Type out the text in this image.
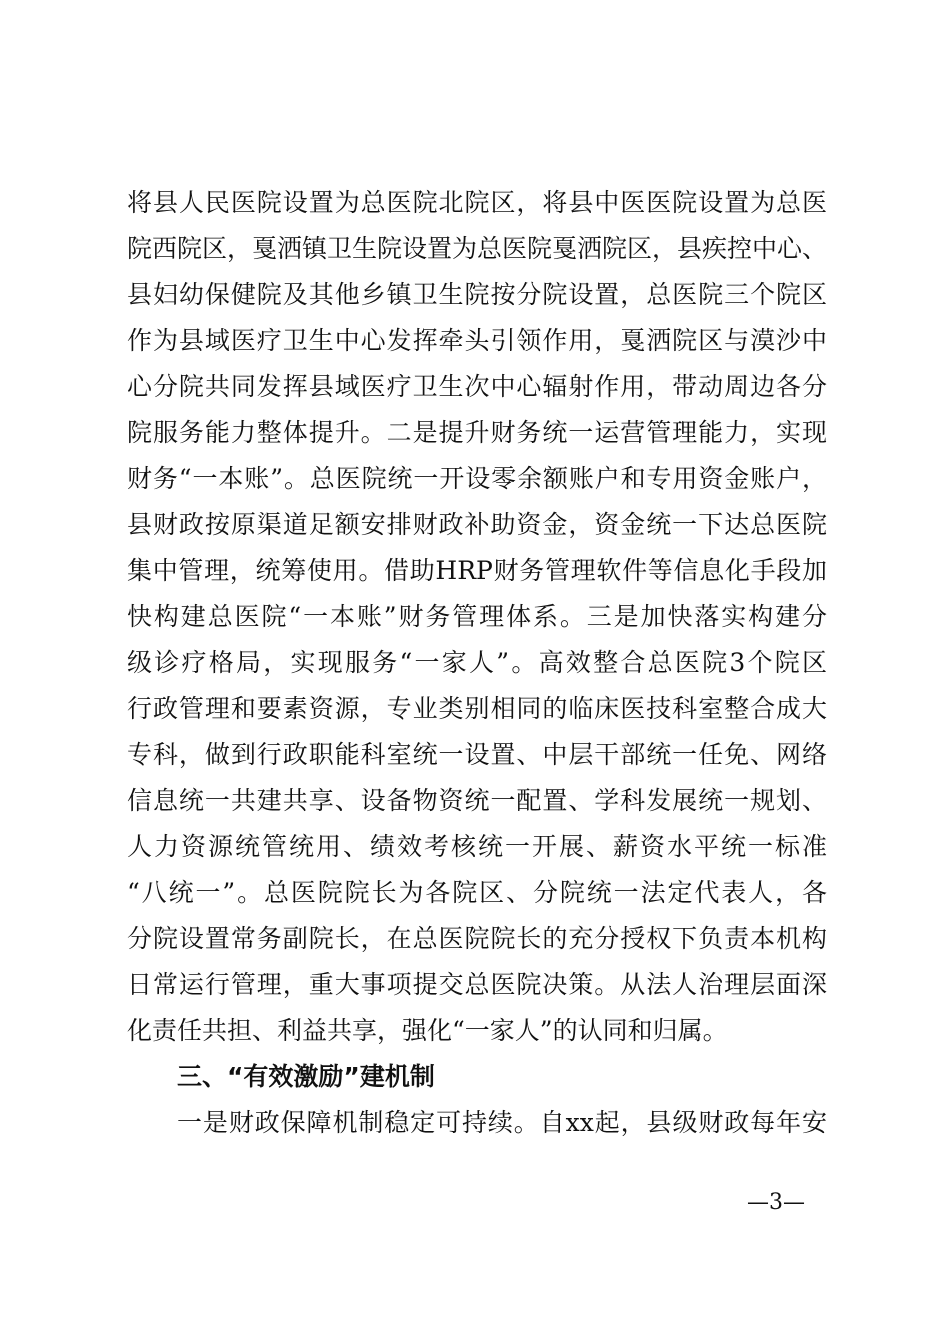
将县人民医院设置为总医院北院区，将县中医医院设置为总医
院西院区，戛洒镇卫生院设置为总医院戛洒院区，县疾控中心、
县妇幼保健院及其他乡镇卫生院按分院设置，总医院三个院区
作为县域医疗卫生中心发挥牵头引领作用，戛洒院区与漠沙中
心分院共同发挥县域医疗卫生次中心辐射作用，带动周边各分
院服务能力整体提升。二是提升财务统一运营管理能力，实现
财务“一本账”。总医院统一开设零余额账户和专用资金账户，
县财政按原渠道足额安排财政补助资金，资金统一下达总医院
集中管理，统筹使用。借助HRP财务管理软件等信息化手段加
快构建总医院“一本账”财务管理体系。三是加快落实构建分
级诊疗格局，实现服务“一家人”。高效整合总医院3个院区
行政管理和要素资源，专业类别相同的临床医技科室整合成大
专科，做到行政职能科室统一设置、中层干部统一任免、网络
信息统一共建共享、设备物资统一配置、学科发展统一规划、
人力资源统管统用、绩效考核统一开展、薪资水平统一标准
“八统一”。总医院院长为各院区、分院统一法定代表人，各
分院设置常务副院长，在总医院院长的充分授权下负责本机构
日常运行管理，重大事项提交总医院决策。从法人治理层面深
化责任共担、利益共享，强化“一家人”的认同和归属。
三、“有效激励”建机制
一是财政保障机制稳定可持续。自xx起，县级财政每年安
—3—
